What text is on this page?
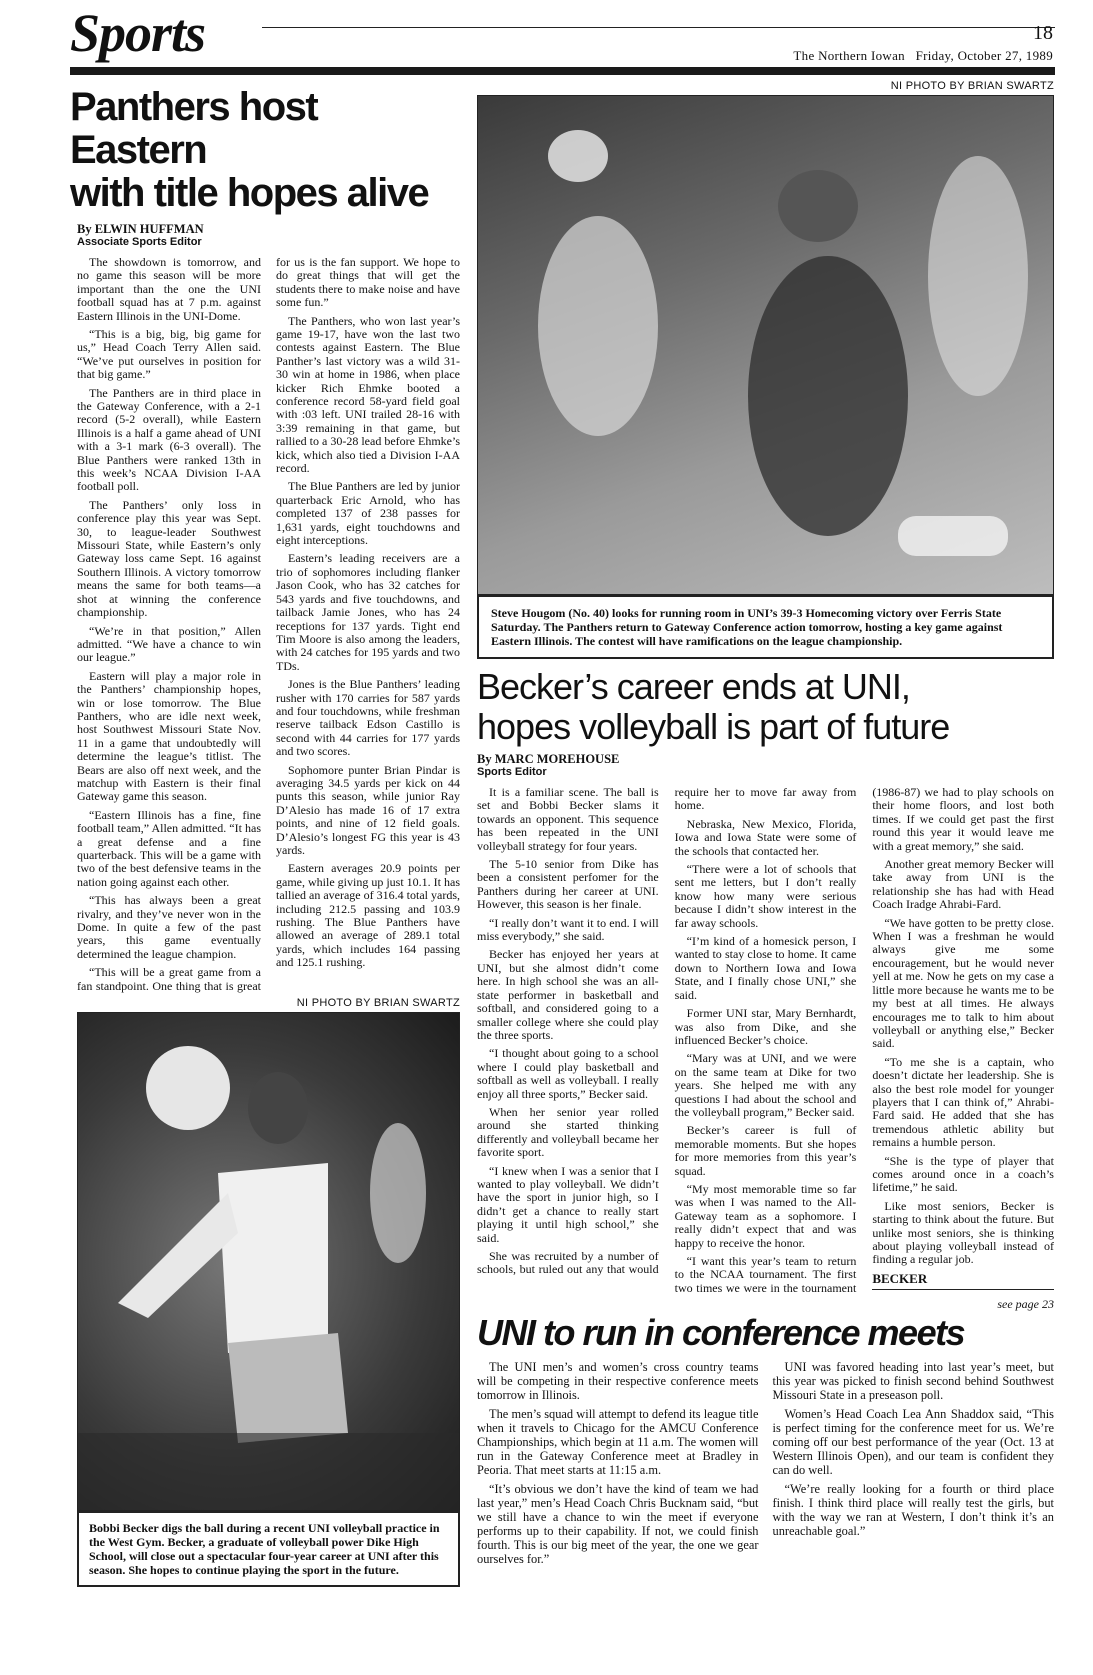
Sports	18
The Northern Iowan   Friday, October 27, 1989
Panthers host Eastern
with title hopes alive
By ELWIN HUFFMAN
Associate Sports Editor

The showdown is tomorrow, and no game this season will be more important than the one the UNI football squad has at 7 p.m. against Eastern Illinois in the UNI-Dome.

“This is a big, big, big game for us,” Head Coach Terry Allen said. “We’ve put ourselves in position for that big game.”

The Panthers are in third place in the Gateway Conference, with a 2-1 record (5-2 overall), while Eastern Illinois is a half a game ahead of UNI with a 3-1 mark (6-3 overall). The Blue Panthers were ranked 13th in this week’s NCAA Division I-AA football poll.

The Panthers’ only loss in conference play this year was Sept. 30, to league-leader Southwest Missouri State, while Eastern’s only Gateway loss came Sept. 16 against Southern Illinois. A victory tomorrow means the same for both teams—a shot at winning the conference championship.

“We’re in that position,” Allen admitted. “We have a chance to win our league.”

Eastern will play a major role in the Panthers’ championship hopes, win or lose tomorrow. The Blue Panthers, who are idle next week, host Southwest Missouri State Nov. 11 in a game that undoubtedly will determine the league’s titlist. The Bears are also off next week, and the matchup with Eastern is their final Gateway game this season.

“Eastern Illinois has a fine, fine football team,” Allen admitted. “It has a great defense and a fine quarterback. This will be a game with two of the best defensive teams in the nation going against each other.

“This has always been a great rivalry, and they’ve never won in the Dome. In quite a few of the past years, this game eventually determined the league champion.

“This will be a great game from a fan standpoint. One thing that is great for us is the fan support. We hope to do great things that will get the students there to make noise and have some fun.”

The Panthers, who won last year’s game 19-17, have won the last two contests against Eastern. The Blue Panther’s last victory was a wild 31-30 win at home in 1986, when place kicker Rich Ehmke booted a conference record 58-yard field goal with :03 left. UNI trailed 28-16 with 3:39 remaining in that game, but rallied to a 30-28 lead before Ehmke’s kick, which also tied a Division I-AA record.

The Blue Panthers are led by junior quarterback Eric Arnold, who has completed 137 of 238 passes for 1,631 yards, eight touchdowns and eight interceptions.

Eastern’s leading receivers are a trio of sophomores including flanker Jason Cook, who has 32 catches for 543 yards and five touchdowns, and tailback Jamie Jones, who has 24 receptions for 137 yards. Tight end Tim Moore is also among the leaders, with 24 catches for 195 yards and two TDs.

Jones is the Blue Panthers’ leading rusher with 170 carries for 587 yards and four touchdowns, while freshman reserve tailback Edson Castillo is second with 44 carries for 177 yards and two scores.

Sophomore punter Brian Pindar is averaging 34.5 yards per kick on 44 punts this season, while junior Ray D’Alesio has made 16 of 17 extra points, and nine of 12 field goals. D’Alesio’s longest FG this year is 43 yards.

Eastern averages 20.9 points per game, while giving up just 10.1. It has tallied an average of 316.4 total yards, including 212.5 passing and 103.9 rushing. The Blue Panthers have allowed an average of 289.1 total yards, which includes 164 passing and 125.1 rushing.

NI PHOTO BY BRIAN SWARTZ
Bobbi Becker digs the ball during a recent UNI volleyball practice in the West Gym. Becker, a graduate of volleyball power Dike High School, will close out a spectacular four-year career at UNI after this season. She hopes to continue playing the sport in the future.
NI PHOTO BY BRIAN SWARTZ
Steve Hougom (No. 40) looks for running room in UNI’s 39-3 Homecoming victory over Ferris State Saturday. The Panthers return to Gateway Conference action tomorrow, hosting a key game against Eastern Illinois. The contest will have ramifications on the league championship.
Becker’s career ends at UNI,
hopes volleyball is part of future
By MARC MOREHOUSE
Sports Editor

It is a familiar scene. The ball is set and Bobbi Becker slams it towards an opponent. This sequence has been repeated in the UNI volleyball strategy for four years.

The 5-10 senior from Dike has been a consistent perfomer for the Panthers during her career at UNI. However, this season is her finale.

“I really don’t want it to end. I will miss everybody,” she said.

Becker has enjoyed her years at UNI, but she almost didn’t come here. In high school she was an all-state performer in basketball and softball, and considered going to a smaller college where she could play the three sports.

“I thought about going to a school where I could play basketball and softball as well as volleyball. I really enjoy all three sports,” Becker said.

When her senior year rolled around she started thinking differently and volleyball became her favorite sport.

“I knew when I was a senior that I wanted to play volleyball. We didn’t have the sport in junior high, so I didn’t get a chance to really start playing it until high school,” she said.

She was recruited by a number of schools, but ruled out any that would require her to move far away from home.

Nebraska, New Mexico, Florida, Iowa and Iowa State were some of the schools that contacted her.

“There were a lot of schools that sent me letters, but I don’t really know how many were serious because I didn’t show interest in the far away schools.

“I’m kind of a homesick person, I wanted to stay close to home. It came down to Northern Iowa and Iowa State, and I finally chose UNI,” she said.

Former UNI star, Mary Bernhardt, was also from Dike, and she influenced Becker’s choice.

“Mary was at UNI, and we were on the same team at Dike for two years. She helped me with any questions I had about the school and the volleyball program,” Becker said.

Becker’s career is full of memorable moments. But she hopes for more memories from this year’s squad.

“My most memorable time so far was when I was named to the All-Gateway team as a sophomore. I really didn’t expect that and was happy to receive the honor.

“I want this year’s team to return to the NCAA tournament. The first two times we were in the tournament (1986-87) we had to play schools on their home floors, and lost both times. If we could get past the first round this year it would leave me with a great memory,” she said.

Another great memory Becker will take away from UNI is the relationship she has had with Head Coach Iradge Ahrabi-Fard.

“We have gotten to be pretty close. When I was a freshman he would always give me some encouragement, but he would never yell at me. Now he gets on my case a little more because he wants me to be my best at all times. He always encourages me to talk to him about volleyball or anything else,” Becker said.

“To me she is a captain, who doesn’t dictate her leadership. She is also the best role model for younger players that I can think of,” Ahrabi-Fard said. He added that she has tremendous athletic ability but remains a humble person.

“She is the type of player that comes around once in a coach’s lifetime,” he said.

Like most seniors, Becker is starting to think about the future. But unlike most seniors, she is thinking about playing volleyball instead of finding a regular job.

BECKER
see page 23
UNI to run in conference meets

The UNI men’s and women’s cross country teams will be competing in their respective conference meets tomorrow in Illinois.

The men’s squad will attempt to defend its league title when it travels to Chicago for the AMCU Conference Championships, which begin at 11 a.m. The women will run in the Gateway Conference meet at Bradley in Peoria. That meet starts at 11:15 a.m.

“It’s obvious we don’t have the kind of team we had last year,” men’s Head Coach Chris Bucknam said, “but we still have a chance to win the meet if everyone performs up to their capability. If not, we could finish fourth. This is our big meet of the year, the one we gear ourselves for.”

UNI was favored heading into last year’s meet, but this year was picked to finish second behind Southwest Missouri State in a preseason poll.

Women’s Head Coach Lea Ann Shaddox said, “This is perfect timing for the conference meet for us. We’re coming off our best performance of the year (Oct. 13 at Western Illinois Open), and our team is confident they can do well.

“We’re really looking for a fourth or third place finish. I think third place will really test the girls, but with the way we ran at Western, I don’t think it’s an unreachable goal.”
